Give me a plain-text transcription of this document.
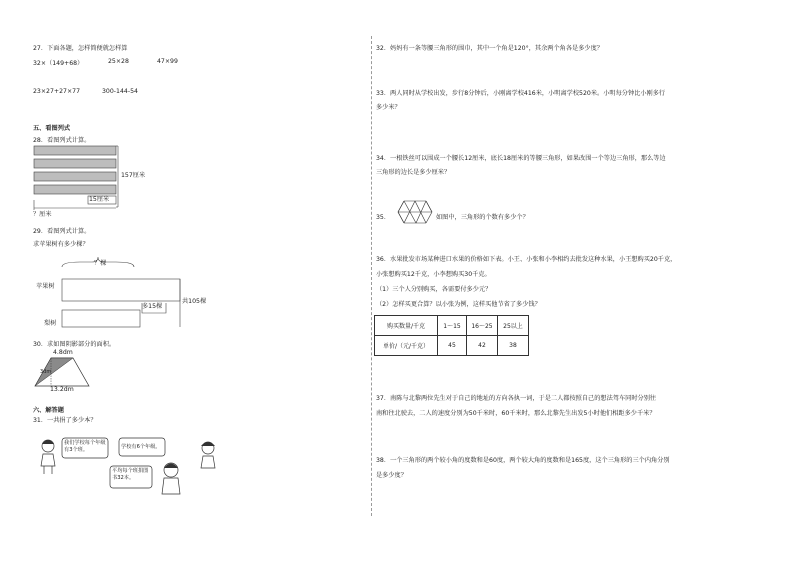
27．下面各题，怎样简便就怎样算
32×（149+68）	25×28	47×99
23×27+27×77	300-144-54
五、看图列式
28．看图列式计算。
157厘米
15厘米
？厘米
29．看图列式计算。
求苹果树有多少棵？
？棵
苹果树
梨树
多15棵
共105棵
30．求如图阴影部分的面积。
4.8dm
3dm
13.2dm
六、解答题
31．一共捐了多少本？
我们学校每个年级有3个班。	学校有6个年级。
平均每个班捐图书32本。
32．妈妈有一条等腰三角形的围巾，其中一个角是120°，其余两个角各是多少度？
33．两人同时从学校出发，步行8分钟后，小刚离学校416米，小明离学校520米。小明每分钟比小刚多行
多少米？
34．一根铁丝可以围成一个腰长12厘米，底长18厘米的等腰三角形，如果改围一个等边三角形，那么等边
三角形的边长是多少厘米？
35．	如图中，三角形的个数有多少个？
36．水果批发市场某种进口水果的价格如下表。小王、小张和小李相约去批发这种水果，小王想购买20千克，
小张想购买12千克，小李想购买30千克。
（1）三个人分别购买，各需要付多少元？
（2）怎样买更合算？以小张为例，这样买他节省了多少钱？
购买数量/千克	1～15	16～25	25以上
单价/（元/千克）	45	42	38
37．南陈与北黎两位先生对于自己的地址的方向各执一词，于是二人都按照自己的想法驾车同时分别往
南和往北驶去，二人的速度分别为50千米时，60千米时，那么北黎先生出发5小时他们相距多少千米？
38．一个三角形的两个较小角的度数和是60度，两个较大角的度数和是165度，这个三角形的三个内角分别
是多少度？
